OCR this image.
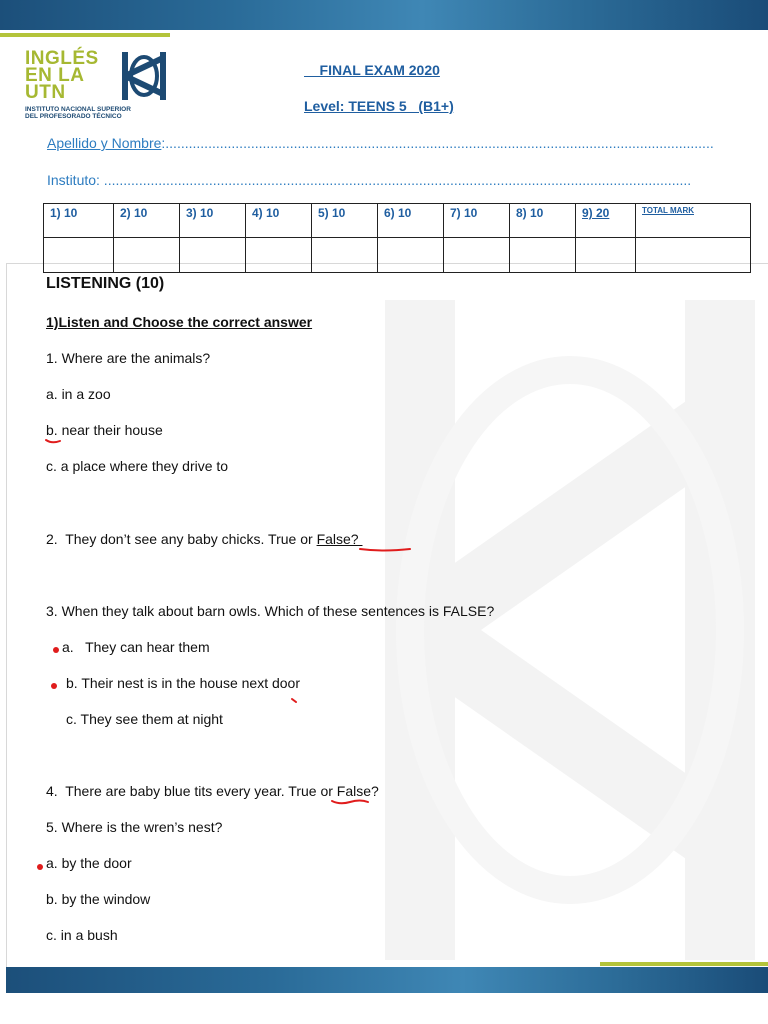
INGLÉS
EN LA
UTN
INSTITUTO NACIONAL SUPERIOR
DEL PROFESORADO TÉCNICO
FINAL EXAM 2020
Level: TEENS 5   (B1+)
Apellido y Nombre:.............................................................................................................................................
Instituto: .......................................................................................................................................................
1) 10	2) 10	3) 10	4) 10	5) 10	6) 10	7) 10	8) 10	9) 20	TOTAL MARK

LISTENING (10)
1)Listen and Choose the correct answer
1. Where are the animals?
a. in a zoo
b. near their house
c. a place where they drive to
2.  They don’t see any baby chicks. True or False?
3. When they talk about barn owls. Which of these sentences is FALSE?
a.   They can hear them
b. Their nest is in the house next door
c. They see them at night
4.  There are baby blue tits every year. True or False?
5. Where is the wren’s nest?
a. by the door
b. by the window
c. in a bush
